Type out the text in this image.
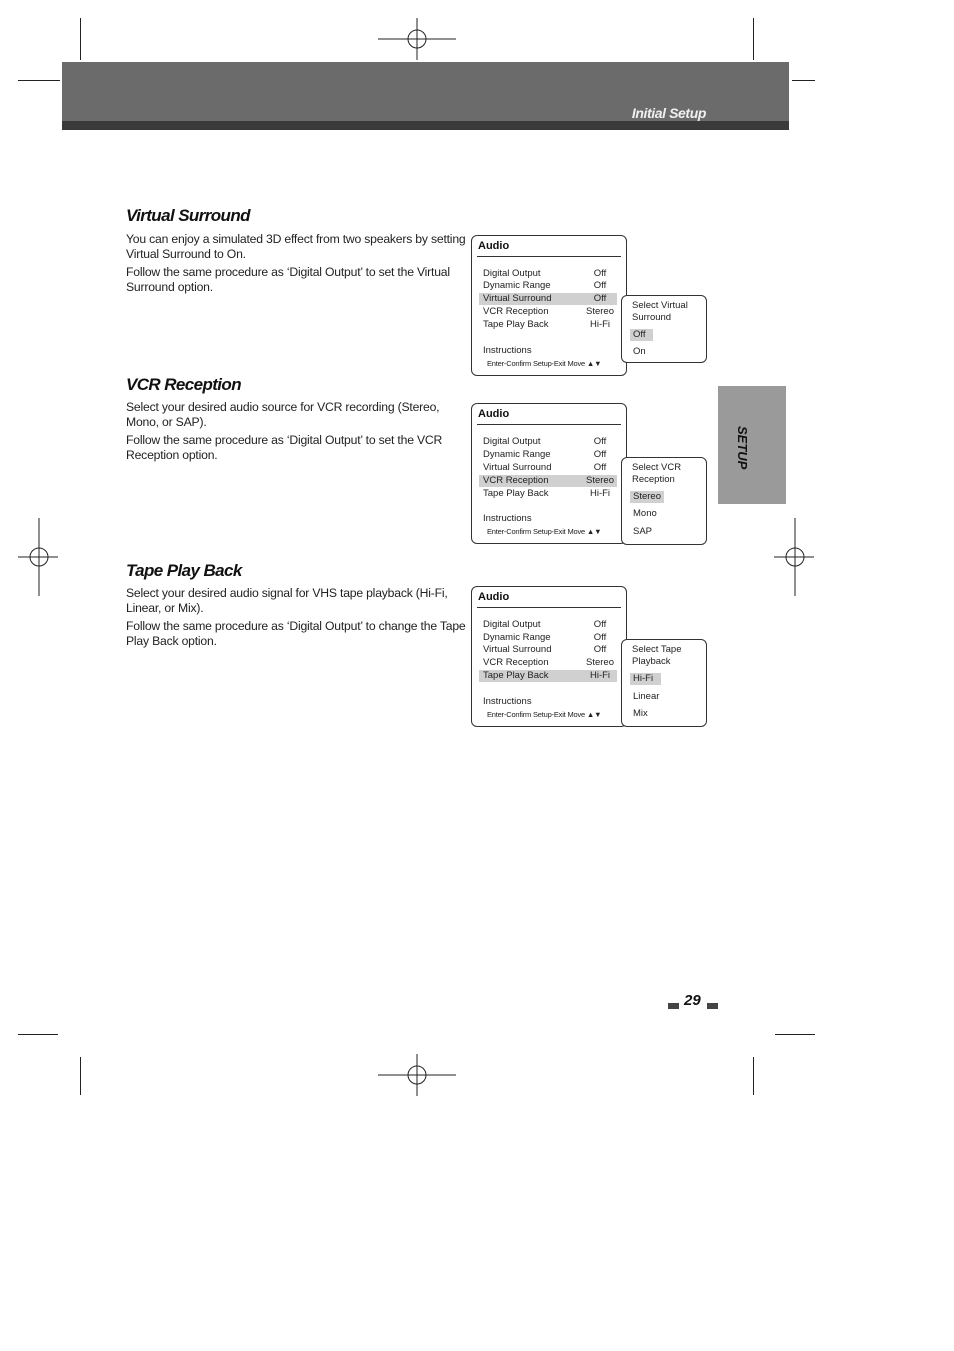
Initial Setup
SETUP
Virtual Surround
You can enjoy a simulated 3D effect from two speakers by setting Virtual Surround to On.
Follow the same procedure as ‘Digital Output’ to set the Virtual Surround option.
Audio
Digital Output	Off
Dynamic Range	Off
Virtual Surround	Off
VCR Reception	Stereo
Tape Play Back	Hi-Fi
Instructions
Enter-Confirm Setup-Exit Move ▲▼
Select Virtual Surround
Off
On
VCR Reception
Select your desired audio source for VCR recording (Stereo, Mono, or SAP).
Follow the same procedure as ‘Digital Output’ to set the VCR Reception option.
Audio
Digital Output	Off
Dynamic Range	Off
Virtual Surround	Off
VCR Reception	Stereo
Tape Play Back	Hi-Fi
Instructions
Enter-Confirm Setup-Exit Move ▲▼
Select VCR Reception
Stereo
Mono
SAP
Tape Play Back
Select your desired audio signal for VHS tape playback (Hi-Fi, Linear, or Mix).
Follow the same procedure as ‘Digital Output’ to change the Tape Play Back option.
Audio
Digital Output	Off
Dynamic Range	Off
Virtual Surround	Off
VCR Reception	Stereo
Tape Play Back	Hi-Fi
Instructions
Enter-Confirm Setup-Exit Move ▲▼
Select Tape Playback
Hi-Fi
Linear
Mix
29
